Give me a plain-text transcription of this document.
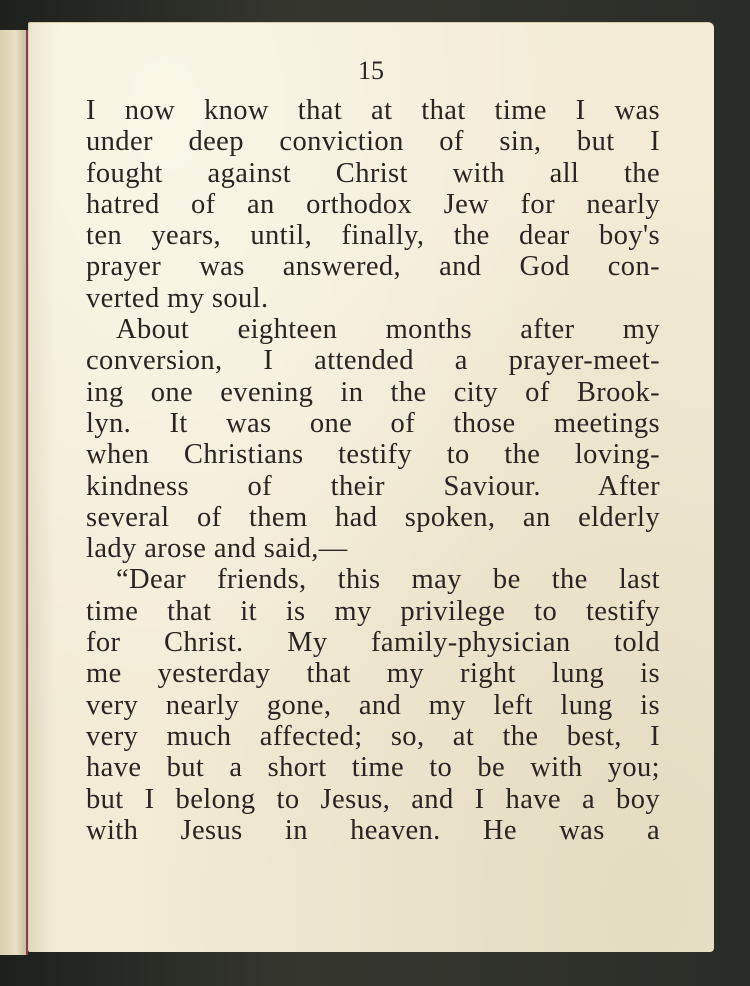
15
I now know that at that time I was
under deep conviction of sin, but I
fought against Christ with all the
hatred of an orthodox Jew for nearly
ten years, until, finally, the dear boy's
prayer was answered, and God con-
verted my soul.
About eighteen months after my
conversion, I attended a prayer-meet-
ing one evening in the city of Brook-
lyn. It was one of those meetings
when Christians testify to the loving-
kindness of their Saviour. After
several of them had spoken, an elderly
lady arose and said,—
“Dear friends, this may be the last
time that it is my privilege to testify
for Christ. My family-physician told
me yesterday that my right lung is
very nearly gone, and my left lung is
very much affected; so, at the best, I
have but a short time to be with you;
but I belong to Jesus, and I have a boy
with Jesus in heaven. He was a
